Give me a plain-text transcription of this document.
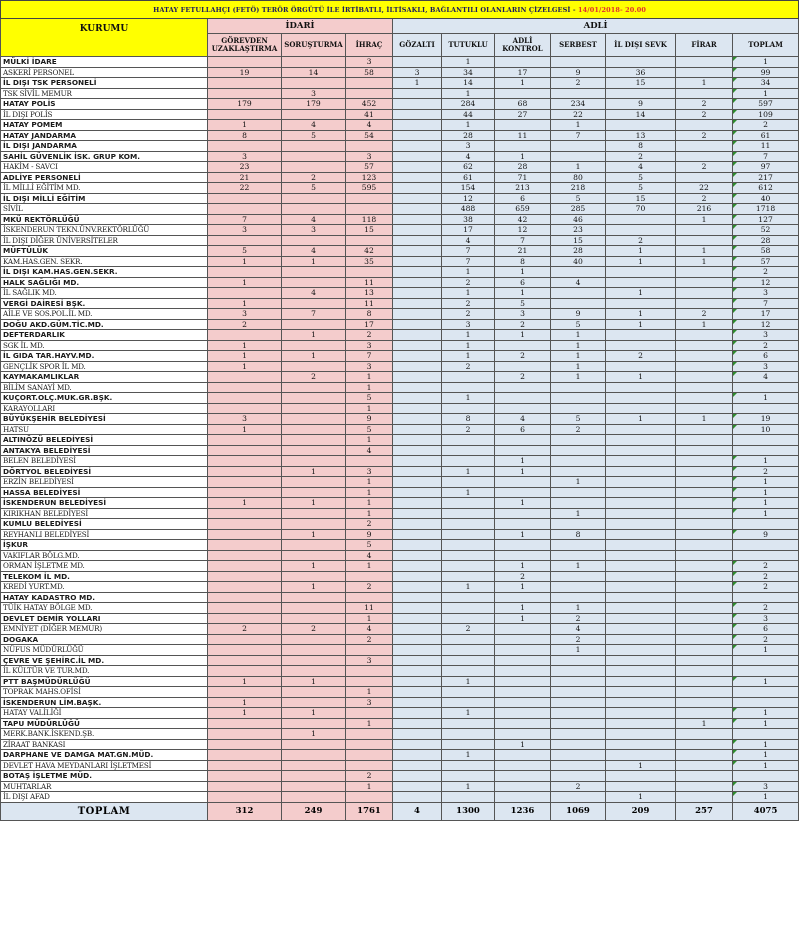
HATAY FETULLAHÇI (FETÖ) TERÖR ÖRGÜTÜ İLE İRTİBATLI, İLTİSAKLI, BAĞLANTILI OLANLARIN ÇİZELGESİ - 14/01/2018- 20.00										
KURUMU	İDARİ			ADLİ						
	GÖREVDEN UZAKLAŞTIRMA	SORUŞTURMA	İHRAÇ	GÖZALTI	TUTUKLU	ADLİ KONTROL	SERBEST	İL DIŞI SEVK	FİRAR	TOPLAM
MÜLKİ İDARE			3		1					1
ASKERİ PERSONEL	19	14	58	3	34	17	9	36		99
İL DIŞI TSK PERSONELİ				1	14	1	2	15	1	34
TSK SİVİL MEMUR		3			1					1
HATAY POLİS	179	179	452		284	68	234	9	2	597
İL DIŞI POLİS			41		44	27	22	14	2	109
HATAY POMEM	1	4	4		1		1			2
HATAY JANDARMA	8	5	54		28	11	7	13	2	61
İL DIŞI JANDARMA					3			8		11
SAHİL GÜVENLİK İSK. GRUP KOM.	3		3		4	1		2		7
HAKİM - SAVCI	23		57		62	28	1	4	2	97
ADLİYE PERSONELİ	21	2	123		61	71	80	5		217
İL MİLLİ EĞİTİM MD.	22	5	595		154	213	218	5	22	612
İL DIŞI MİLLİ EĞİTİM					12	6	5	15	2	40
SİVİL					488	659	285	70	216	1718
MKÜ REKTÖRLÜĞÜ	7	4	118		38	42	46		1	127
İSKENDERUN TEKN.ÜNV.REKTÖRLÜĞÜ	3	3	15		17	12	23			52
İL DIŞI DİĞER ÜNİVERSİTELER					4	7	15	2		28
MÜFTÜLÜK	5	4	42		7	21	28	1	1	58
KAM.HAS.GEN. SEKR.	1	1	35		7	8	40	1	1	57
İL DIŞI KAM.HAS.GEN.SEKR.					1	1				2
HALK SAĞLIĞI MD.	1		11		2	6	4			12
İL SAĞLIK MD.		4	13		1	1		1		3
VERGİ DAİRESİ BŞK.	1		11		2	5				7
AİLE VE SOS.POL.İL MD.	3	7	8		2	3	9	1	2	17
DOĞU AKD.GÜM.TİC.MD.	2		17		3	2	5	1	1	12
DEFTERDARLIK		1	2		1	1	1			3
SGK İL MD.	1		3		1		1			2
İL GIDA TAR.HAYV.MD.	1	1	7		1	2	1	2		6
GENÇLİK SPOR İL MD.	1		3		2		1			3
KAYMAKAMLIKLAR		2	1			2	1	1		4
BİLİM SANAYİ MD.			1							
KUÇORT.OLÇ.MUK.GR.BŞK.			5		1					1
KARAYOLLARI			1							
BÜYÜKŞEHİR BELEDİYESİ	3		9		8	4	5	1	1	19
HATSU	1		5		2	6	2			10
ALTINÖZÜ BELEDİYESİ			1							
ANTAKYA BELEDİYESİ			4							
BELEN BELEDİYESİ						1				1
DÖRTYOL BELEDİYESİ		1	3		1	1				2
ERZİN BELEDİYESİ			1				1			1
HASSA BELEDİYESİ			1		1					1
İSKENDERUN BELEDİYESİ	1	1	1			1				1
KIRIKHAN BELEDİYESİ			1				1			1
KUMLU BELEDİYESİ			2							
REYHANLI BELEDİYESİ		1	9			1	8			9
İŞKUR			5							
VAKIFLAR BÖLG.MD.			4							
ORMAN İŞLETME MD.		1	1			1	1			2
TELEKOM İL MD.						2				2
KREDİ YURT.MD.		1	2		1	1				2
HATAY KADASTRO MD.										
TÜİK HATAY BÖLGE MD.			11			1	1			2
DEVLET DEMİR YOLLARI			1			1	2			3
EMNİYET (DİĞER MEMUR)	2	2	4		2		4			6
DOGAKA			2				2			2
NÜFUS MÜDÜRLÜĞÜ							1			1
ÇEVRE VE ŞEHİRC.İL MD.			3							
İL KÜLTÜR VE TUR.MD.										
PTT BAŞMÜDÜRLÜĞÜ	1	1			1					1
TOPRAK MAHS.OFİSİ			1							
İSKENDERUN LİM.BAŞK.	1		3							
HATAY VALİLİĞİ	1	1			1					1
TAPU MÜDÜRLÜĞÜ			1						1	1
MERK.BANK.İSKEND.ŞB.		1								
ZİRAAT BANKASI						1				1
DARPHANE VE DAMGA MAT.GN.MÜD.					1					1
DEVLET HAVA MEYDANLARI İŞLETMESİ								1		1
BOTAŞ İŞLETME MÜD.			2							
MUHTARLAR			1		1		2			3
İL DIŞI AFAD								1		1
TOPLAM	312	249	1761	4	1300	1236	1069	209	257	4075
